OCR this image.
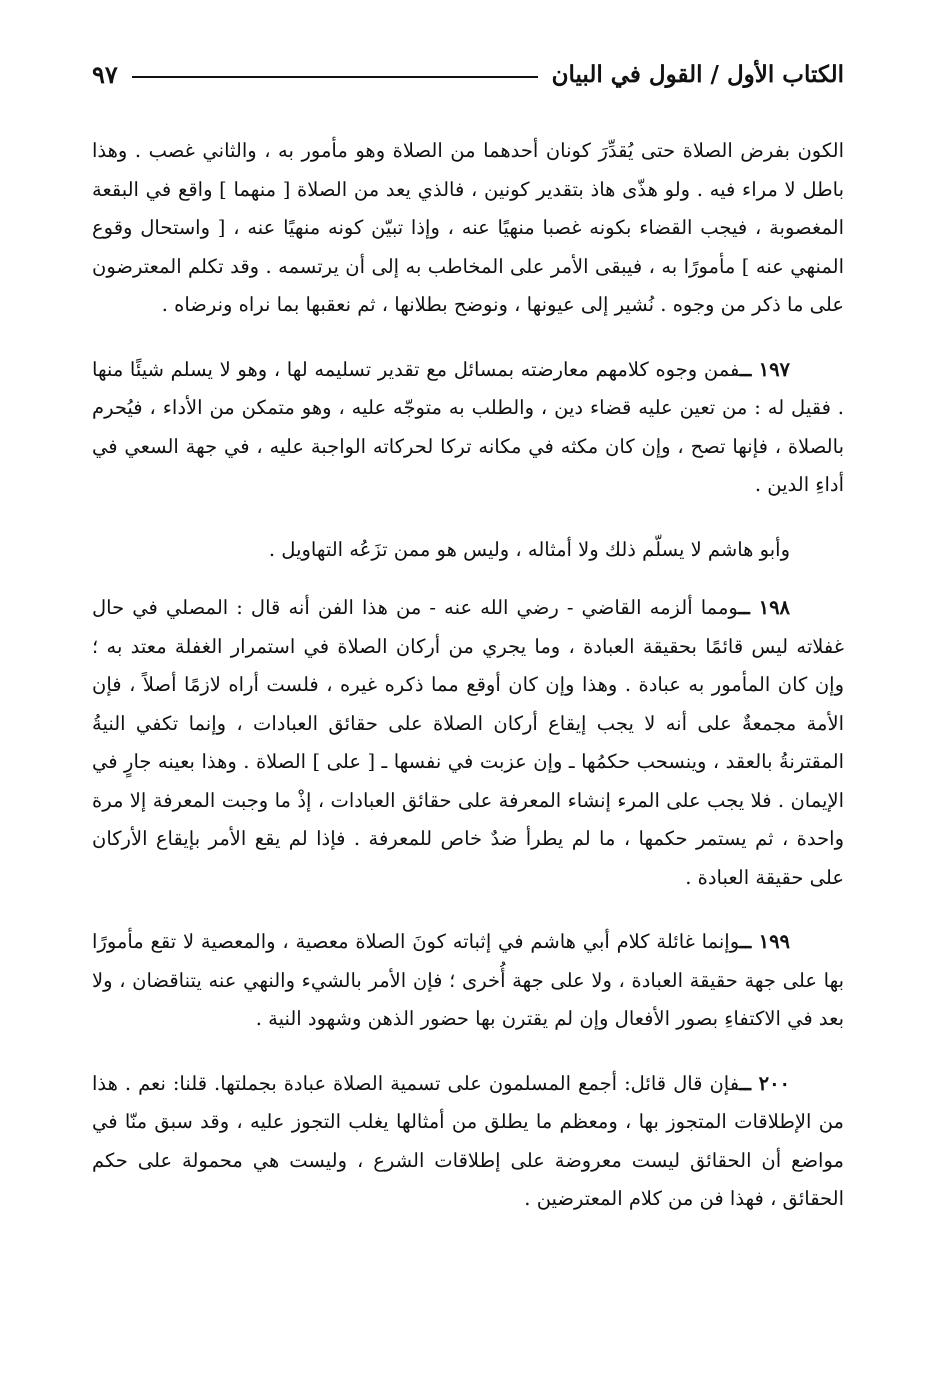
الكتاب الأول / القول في البيان
٩٧

الكون بفرض الصلاة حتى يُقدِّرَ كونان أحدهما من الصلاة وهو مأمور به ، والثاني غصب . وهذا باطل لا مراء فيه . ولو هذّى هاذ بتقدير كونين ، فالذي يعد من الصلاة [ منهما ] واقع في البقعة المغصوبة ، فيجب القضاء بكونه غصبا منهيًا عنه ، وإذا تبيّن كونه منهيًا عنه ، [ واستحال وقوع المنهي عنه ] مأمورًا به ، فيبقى الأمر على المخاطب به إلى أن يرتسمه . وقد تكلم المعترضون على ما ذكر من وجوه . نُشير إلى عيونها ، ونوضح بطلانها ، ثم نعقبها بما نراه ونرضاه .

١٩٧ ــفمن وجوه كلامهم معارضته بمسائل مع تقدير تسليمه لها ، وهو لا يسلم شيئًا منها . فقيل له : من تعين عليه قضاء دين ، والطلب به متوجّه عليه ، وهو متمكن من الأداء ، فيُحرم بالصلاة ، فإنها تصح ، وإن كان مكثه في مكانه تركا لحركاته الواجبة عليه ، في جهة السعي في أداءِ الدين .

وأبو هاشم لا يسلّم ذلك ولا أمثاله ، وليس هو ممن تزَعُه التهاويل .

١٩٨ ــومما ألزمه القاضي - رضي الله عنه - من هذا الفن أنه قال : المصلي في حال غفلاته ليس قائمًا بحقيقة العبادة ، وما يجري من أركان الصلاة في استمرار الغفلة معتد به ؛ وإن كان المأمور به عبادة . وهذا وإن كان أوقع مما ذكره غيره ، فلست أراه لازمًا أصلاً ، فإن الأمة مجمعةٌ على أنه لا يجب إيقاع أركان الصلاة على حقائق العبادات ، وإنما تكفي النيةُ المقترنةُ بالعقد ، وينسحب حكمُها ـ وإن عزبت في نفسها ـ [ على ] الصلاة . وهذا بعينه جارٍ في الإيمان . فلا يجب على المرء إنشاء المعرفة على حقائق العبادات ، إذْ ما وجبت المعرفة إلا مرة واحدة ، ثم يستمر حكمها ، ما لم يطرأ ضدٌ خاص للمعرفة . فإذا لم يقع الأمر بإيقاع الأركان على حقيقة العبادة .

١٩٩ ــوإنما غائلة كلام أبي هاشم في إثباته كونَ الصلاة معصية ، والمعصية لا تقع مأمورًا بها على جهة حقيقة العبادة ، ولا على جهة أُخرى ؛ فإن الأمر بالشيء والنهي عنه يتناقضان ، ولا بعد في الاكتفاءِ بصور الأفعال وإن لم يقترن بها حضور الذهن وشهود النية .

٢٠٠ ــفإن قال قائل: أجمع المسلمون على تسمية الصلاة عبادة بجملتها. قلنا: نعم . هذا من الإطلاقات المتجوز بها ، ومعظم ما يطلق من أمثالها يغلب التجوز عليه ، وقد سبق منّا في مواضع أن الحقائق ليست معروضة على إطلاقات الشرع ، وليست هي محمولة على حكم الحقائق ، فهذا فن من كلام المعترضين .
